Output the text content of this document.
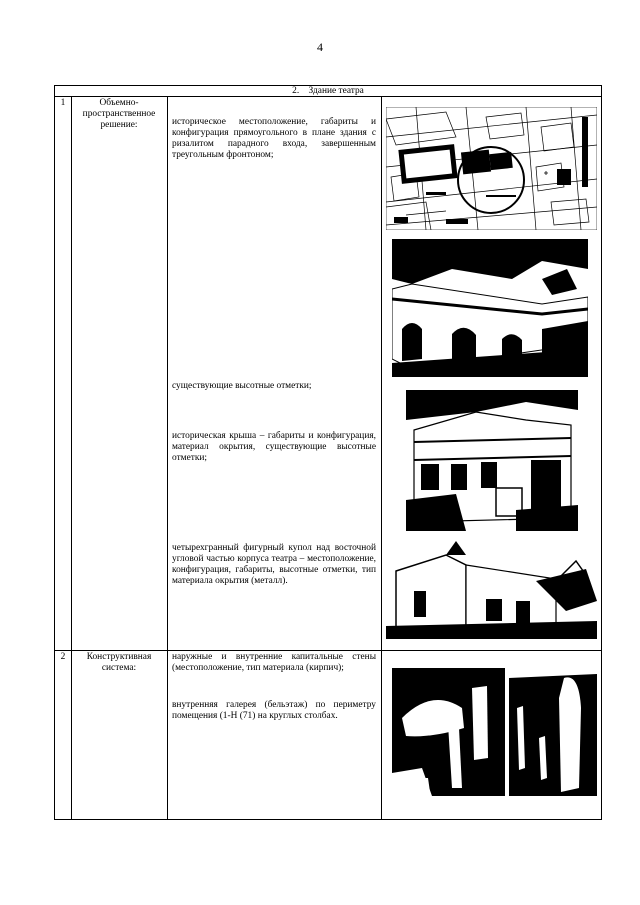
4
2. Здание театра
1	Объемно-пространственное решение:	историческое местоположение, габариты и конфигурация прямоугольного в плане здания с ризалитом парадного входа, завершенным треугольным фронтоном;
существующие высотные отметки;
историческая крыша – габариты и конфигурация, материал окрытия, существующие высотные отметки;
четырехгранный фигурный купол над восточной угловой частью корпуса театра – местоположение, конфигурация, габариты, высотные отметки, тип материала окрытия (металл).
2	Конструктивная система:
наружные и внутренние капитальные стены (местоположение, тип материала (кирпич);
внутренняя галерея (бельэтаж) по периметру помещения (1-Н (71) на круглых столбах.
